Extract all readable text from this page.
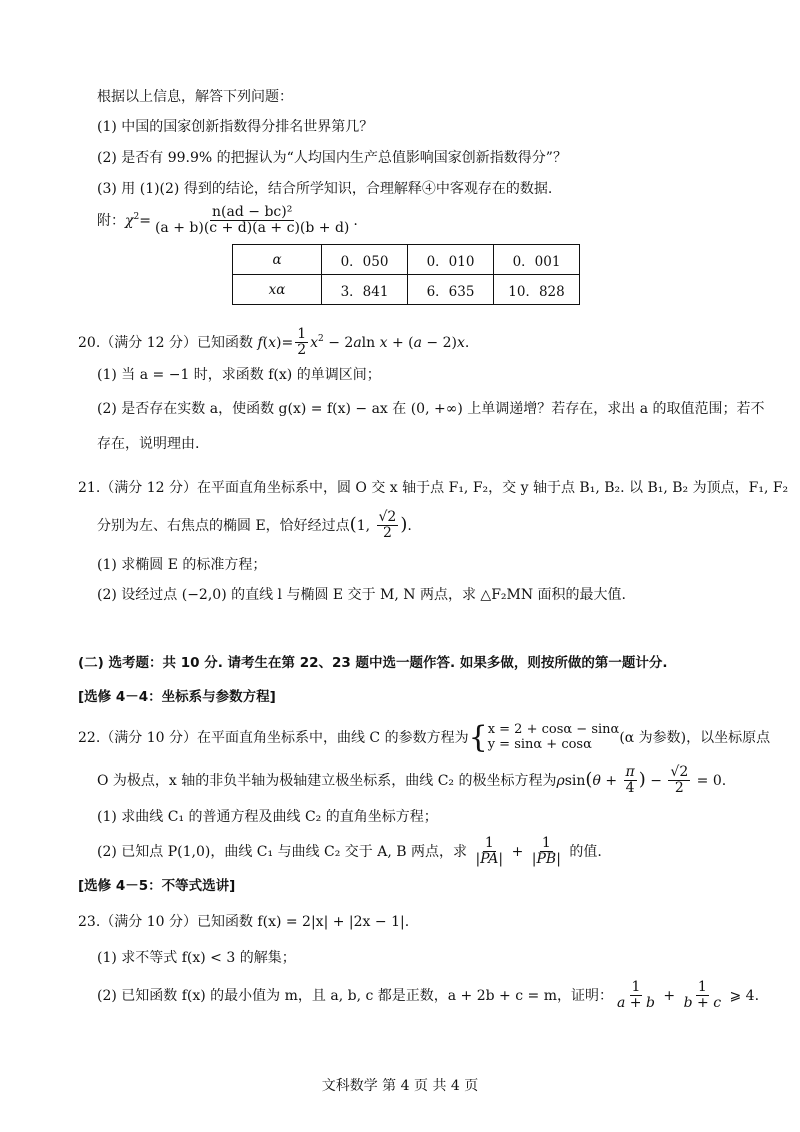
根据以上信息，解答下列问题：
(1) 中国的国家创新指数得分排名世界第几？
(2) 是否有 99.9% 的把握认为“人均国内生产总值影响国家创新指数得分”？
(3) 用 (1)(2) 得到的结论，结合所学知识，合理解释④中客观存在的数据.
附：$\chi^2= \frac{\text{n(ad − bc)²}}{(a + b)(c + d)(a + c)(b + d)}$ .
α	0．050	0．010	0．001
xα	3．841	6．635	10．828
20.（满分 12 分）已知函数 $f(x)= \frac{1}{2} x^2 - 2aln$ x + (a − 2)x.
(1) 当 a = −1 时，求函数 f(x) 的单调区间；
(2) 是否存在实数 a，使函数 g(x) = f(x) − ax 在 (0, +∞) 上单调递增？若存在，求出 a 的取值范围；若不
存在，说明理由.
21.（满分 12 分）在平面直角坐标系中，圆 O 交 x 轴于点 F₁, F₂，交 y 轴于点 B₁, B₂. 以 B₁, B₂ 为顶点，F₁, F₂
分别为左、右焦点的椭圆 E，恰好经过点(1, $\frac{√2}{2}$ ).
(1) 求椭圆 E 的标准方程；
(2) 设经过点 (−2,0) 的直线 l 与椭圆 E 交于 M, N 两点，求 △F₂MN 面积的最大值.
(二) 选考题：共 10 分. 请考生在第 22、23 题中选一题作答. 如果多做，则按所做的第一题计分.
[选修 4－4：坐标系与参数方程]
22.（满分 10 分）在平面直角坐标系中，曲线 C 的参数方程为{ x = 2 + cosα − sinα
y = sinα + cosα	(α 为参数)，以坐标原点
O 为极点，x 轴的非负半轴为极轴建立极坐标系，曲线 C₂ 的极坐标方程为$\rho\sin(\theta + \frac{\pi}{4}$ ) − $\frac{√2}{2} = 0$.
(1) 求曲线 C₁ 的普通方程及曲线 C₂ 的直角坐标方程；
(2) 已知点 P(1,0)，曲线 C₁ 与曲线 C₂ 交于 A, B 两点，求 $\frac{1}{|PA|} + \frac{1}{|PB|}$ 的值.
[选修 4－5：不等式选讲]
23.（满分 10 分）已知函数 f(x) = 2|x| + |2x − 1|.
(1) 求不等式 f(x) < 3 的解集；
(2) 已知函数 f(x) 的最小值为 m，且 a, b, c 都是正数，a + 2b + c = m，证明： $\frac{1}{a + b} + \frac{1}{b + c}$ ⩾ 4.
文科数学 第 4 页 共 4 页
